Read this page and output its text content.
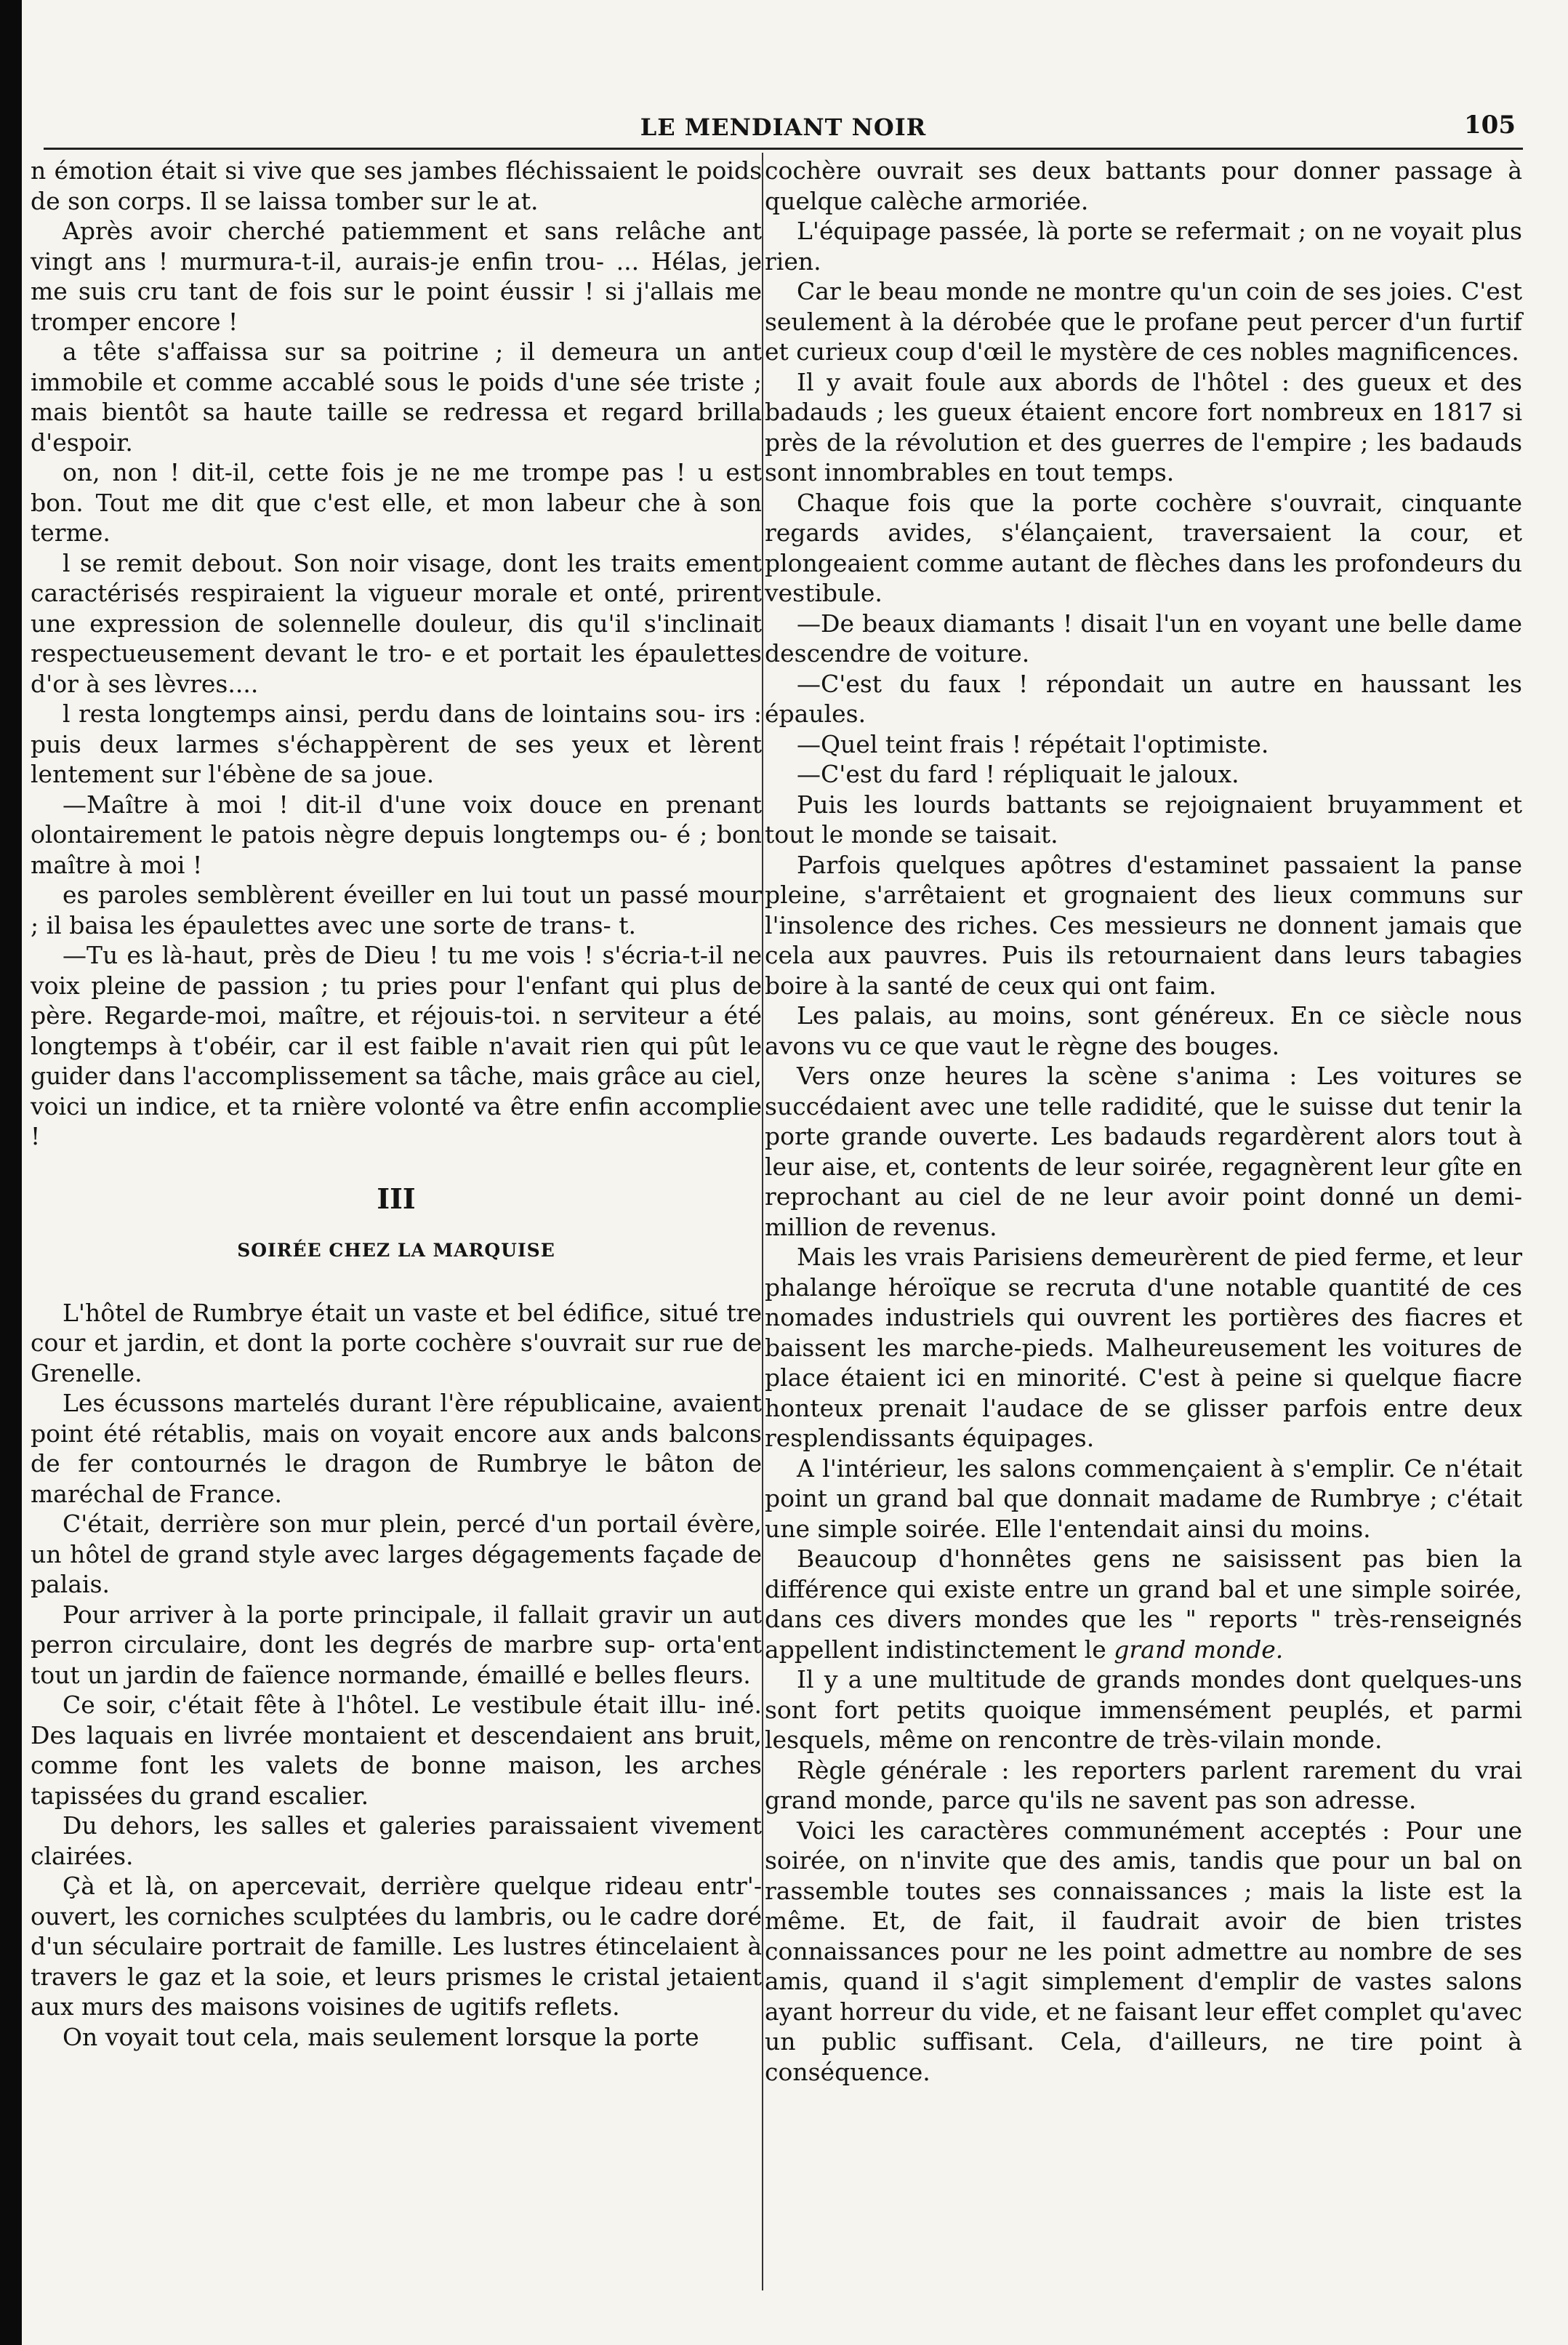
LE MENDIANT NOIR	105

n émotion était si vive que ses jambes fléchissaient le poids de son corps. Il se laissa tomber sur le at.

Après avoir cherché patiemment et sans relâche ant vingt ans ! murmura-t-il, aurais-je enfin trou- ... Hélas, je me suis cru tant de fois sur le point éussir ! si j'allais me tromper encore !

a tête s'affaissa sur sa poitrine ; il demeura un ant immobile et comme accablé sous le poids d'une sée triste ; mais bientôt sa haute taille se redressa et regard brilla d'espoir.

on, non ! dit-il, cette fois je ne me trompe pas ! u est bon. Tout me dit que c'est elle, et mon labeur che à son terme.

l se remit debout. Son noir visage, dont les traits ement caractérisés respiraient la vigueur morale et onté, prirent une expression de solennelle douleur, dis qu'il s'inclinait respectueusement devant le tro- e et portait les épaulettes d'or à ses lèvres....

l resta longtemps ainsi, perdu dans de lointains sou- irs : puis deux larmes s'échappèrent de ses yeux et lèrent lentement sur l'ébène de sa joue.

—Maître à moi ! dit-il d'une voix douce en prenant olontairement le patois nègre depuis longtemps ou- é ; bon maître à moi !

es paroles semblèrent éveiller en lui tout un passé mour ; il baisa les épaulettes avec une sorte de trans- t.

—Tu es là-haut, près de Dieu ! tu me vois ! s'écria-t-il ne voix pleine de passion ; tu pries pour l'enfant qui plus de père. Regarde-moi, maître, et réjouis-toi. n serviteur a été longtemps à t'obéir, car il est faible n'avait rien qui pût le guider dans l'accomplissement sa tâche, mais grâce au ciel, voici un indice, et ta rnière volonté va être enfin accomplie !

III
SOIRÉE CHEZ LA MARQUISE

L'hôtel de Rumbrye était un vaste et bel édifice, situé tre cour et jardin, et dont la porte cochère s'ouvrait sur rue de Grenelle.

Les écussons martelés durant l'ère républicaine, avaient point été rétablis, mais on voyait encore aux ands balcons de fer contournés le dragon de Rumbrye le bâton de maréchal de France.

C'était, derrière son mur plein, percé d'un portail évère, un hôtel de grand style avec larges dégagements façade de palais.

Pour arriver à la porte principale, il fallait gravir un aut perron circulaire, dont les degrés de marbre sup- orta'ent tout un jardin de faïence normande, émaillé e belles fleurs.

Ce soir, c'était fête à l'hôtel. Le vestibule était illu- iné. Des laquais en livrée montaient et descendaient ans bruit, comme font les valets de bonne maison, les arches tapissées du grand escalier.

Du dehors, les salles et galeries paraissaient vivement clairées.

Çà et là, on apercevait, derrière quelque rideau entr'- ouvert, les corniches sculptées du lambris, ou le cadre doré d'un séculaire portrait de famille. Les lustres étincelaient à travers le gaz et la soie, et leurs prismes le cristal jetaient aux murs des maisons voisines de ugitifs reflets.

On voyait tout cela, mais seulement lorsque la porte

cochère ouvrait ses deux battants pour donner passage à quelque calèche armoriée.

L'équipage passée, là porte se refermait ; on ne voyait plus rien.

Car le beau monde ne montre qu'un coin de ses joies. C'est seulement à la dérobée que le profane peut percer d'un furtif et curieux coup d'œil le mystère de ces nobles magnificences.

Il y avait foule aux abords de l'hôtel : des gueux et des badauds ; les gueux étaient encore fort nombreux en 1817 si près de la révolution et des guerres de l'empire ; les badauds sont innombrables en tout temps.

Chaque fois que la porte cochère s'ouvrait, cinquante regards avides, s'élançaient, traversaient la cour, et plongeaient comme autant de flèches dans les profondeurs du vestibule.

—De beaux diamants ! disait l'un en voyant une belle dame descendre de voiture.

—C'est du faux ! répondait un autre en haussant les épaules.

—Quel teint frais ! répétait l'optimiste.

—C'est du fard ! répliquait le jaloux.

Puis les lourds battants se rejoignaient bruyamment et tout le monde se taisait.

Parfois quelques apôtres d'estaminet passaient la panse pleine, s'arrêtaient et grognaient des lieux communs sur l'insolence des riches. Ces messieurs ne donnent jamais que cela aux pauvres. Puis ils retournaient dans leurs tabagies boire à la santé de ceux qui ont faim.

Les palais, au moins, sont généreux. En ce siècle nous avons vu ce que vaut le règne des bouges.

Vers onze heures la scène s'anima : Les voitures se succédaient avec une telle radidité, que le suisse dut tenir la porte grande ouverte. Les badauds regardèrent alors tout à leur aise, et, contents de leur soirée, regagnèrent leur gîte en reprochant au ciel de ne leur avoir point donné un demi-million de revenus.

Mais les vrais Parisiens demeurèrent de pied ferme, et leur phalange héroïque se recruta d'une notable quantité de ces nomades industriels qui ouvrent les portières des fiacres et baissent les marche-pieds. Malheureusement les voitures de place étaient ici en minorité. C'est à peine si quelque fiacre honteux prenait l'audace de se glisser parfois entre deux resplendissants équipages.

A l'intérieur, les salons commençaient à s'emplir. Ce n'était point un grand bal que donnait madame de Rumbrye ; c'était une simple soirée. Elle l'entendait ainsi du moins.

Beaucoup d'honnêtes gens ne saisissent pas bien la différence qui existe entre un grand bal et une simple soirée, dans ces divers mondes que les " reports " très-renseignés appellent indistinctement le grand monde.

Il y a une multitude de grands mondes dont quelques-uns sont fort petits quoique immensément peuplés, et parmi lesquels, même on rencontre de très-vilain monde.

Règle générale : les reporters parlent rarement du vrai grand monde, parce qu'ils ne savent pas son adresse.

Voici les caractères communément acceptés : Pour une soirée, on n'invite que des amis, tandis que pour un bal on rassemble toutes ses connaissances ; mais la liste est la même. Et, de fait, il faudrait avoir de bien tristes connaissances pour ne les point admettre au nombre de ses amis, quand il s'agit simplement d'emplir de vastes salons ayant horreur du vide, et ne faisant leur effet complet qu'avec un public suffisant. Cela, d'ailleurs, ne tire point à conséquence.
